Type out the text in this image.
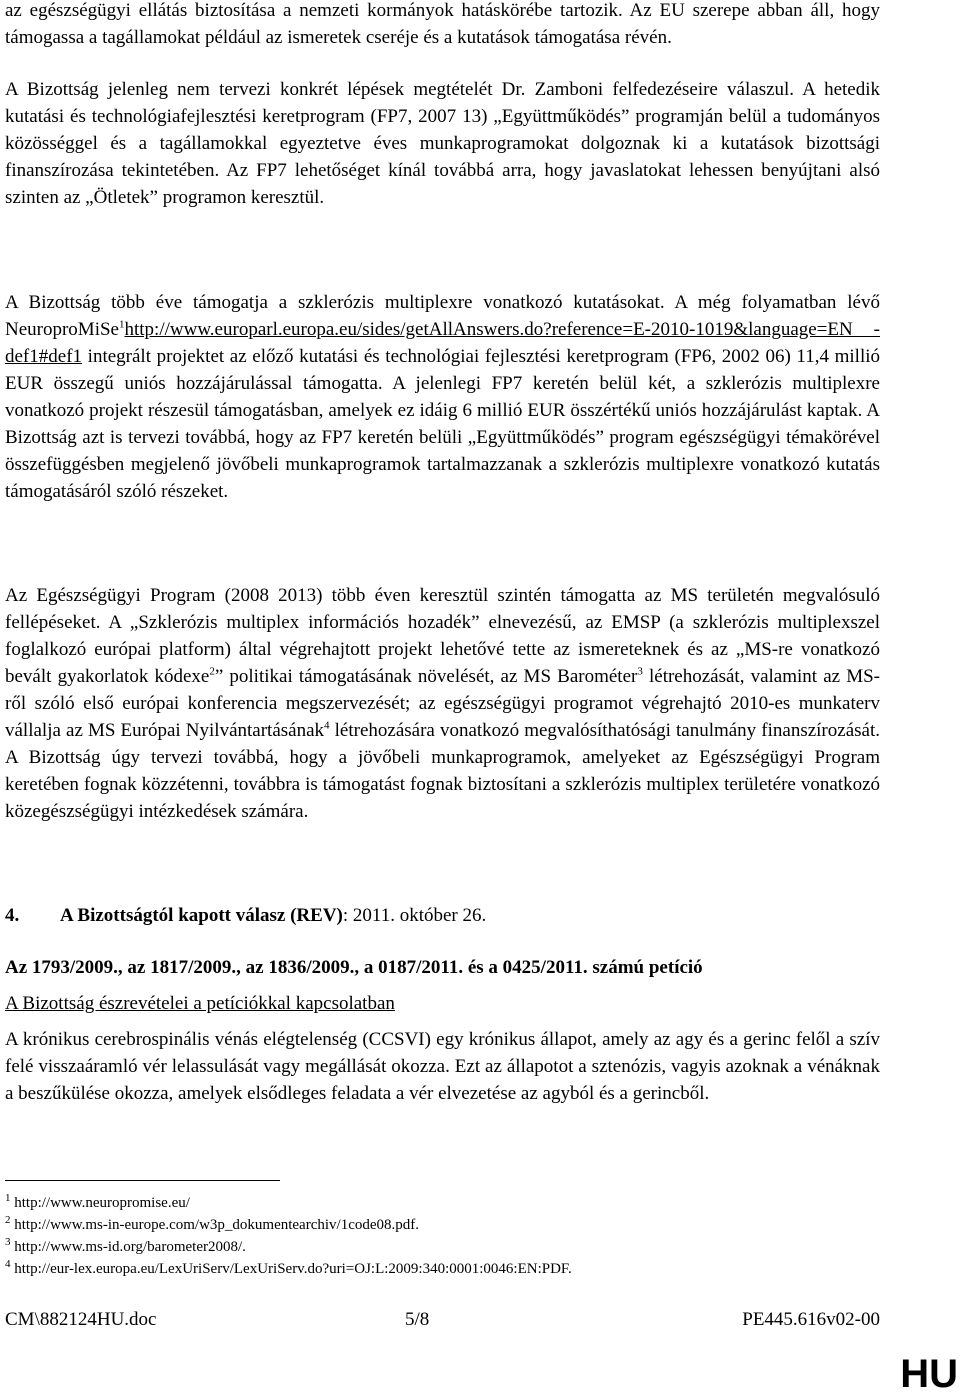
az egészségügyi ellátás biztosítása a nemzeti kormányok hatáskörébe tartozik. Az EU szerepe abban áll, hogy támogassa a tagállamokat például az ismeretek cseréje és a kutatások támogatása révén.

A Bizottság jelenleg nem tervezi konkrét lépések megtételét Dr. Zamboni felfedezéseire válaszul. A hetedik kutatási és technológiafejlesztési keretprogram (FP7, 2007 13) „Együttműködés” programján belül a tudományos közösséggel és a tagállamokkal egyeztetve éves munkaprogramokat dolgoznak ki a kutatások bizottsági finanszírozása tekintetében. Az FP7 lehetőséget kínál továbbá arra, hogy javaslatokat lehessen benyújtani alsó szinten az „Ötletek” programon keresztül.

A Bizottság több éve támogatja a szklerózis multiplexre vonatkozó kutatásokat. A még folyamatban lévő NeuroproMiSe$^1$http://www.europarl.europa.eu/sides/getAllAnswers.do?reference=E-2010-1019&language=EN - def1#def1 integrált projektet az előző kutatási és technológiai fejlesztési keretprogram (FP6, 2002 06) 11,4 millió EUR összegű uniós hozzájárulással támogatta. A jelenlegi FP7 keretén belül két, a szklerózis multiplexre vonatkozó projekt részesül támogatásban, amelyek ez idáig 6 millió EUR összértékű uniós hozzájárulást kaptak. A Bizottság azt is tervezi továbbá, hogy az FP7 keretén belüli „Együttműködés” program egészségügyi témakörével összefüggésben megjelenő jövőbeli munkaprogramok tartalmazzanak a szklerózis multiplexre vonatkozó kutatás támogatásáról szóló részeket.

Az Egészségügyi Program (2008 2013) több éven keresztül szintén támogatta az MS területén megvalósuló fellépéseket. A „Szklerózis multiplex információs hozadék” elnevezésű, az EMSP (a szklerózis multiplexszel foglalkozó európai platform) által végrehajtott projekt lehetővé tette az ismereteknek és az „MS-re vonatkozó bevált gyakorlatok kódexe$^2$” politikai támogatásának növelését, az MS Barométer$^3$ létrehozását, valamint az MS-ről szóló első európai konferencia megszervezését; az egészségügyi programot végrehajtó 2010-es munkaterv vállalja az MS Európai Nyilvántartásának$^4$ létrehozására vonatkozó megvalósíthatósági tanulmány finanszírozását. A Bizottság úgy tervezi továbbá, hogy a jövőbeli munkaprogramok, amelyeket az Egészségügyi Program keretében fognak közzétenni, továbbra is támogatást fognak biztosítani a szklerózis multiplex területére vonatkozó közegészségügyi intézkedések számára.

4. A Bizottságtól kapott válasz (REV): 2011. október 26.
Az 1793/2009., az 1817/2009., az 1836/2009., a 0187/2011. és a 0425/2011. számú petíció
A Bizottság észrevételei a petíciókkal kapcsolatban

A krónikus cerebrospinális vénás elégtelenség (CCSVI) egy krónikus állapot, amely az agy és a gerinc felől a szív felé visszaáramló vér lelassulását vagy megállását okozza. Ezt az állapotot a sztenózis, vagyis azoknak a vénáknak a beszűkülése okozza, amelyek elsődleges feladata a vér elvezetése az agyból és a gerincből.

$^1$ http://www.neuropromise.eu/
$^2$ http://www.ms-in-europe.com/w3p_dokumentearchiv/1code08.pdf.
$^3$ http://www.ms-id.org/barometer2008/.
$^4$ http://eur-lex.europa.eu/LexUriServ/LexUriServ.do?uri=OJ:L:2009:340:0001:0046:EN:PDF.
CM\882124HU.doc	5/8	PE445.616v02-00
HU
